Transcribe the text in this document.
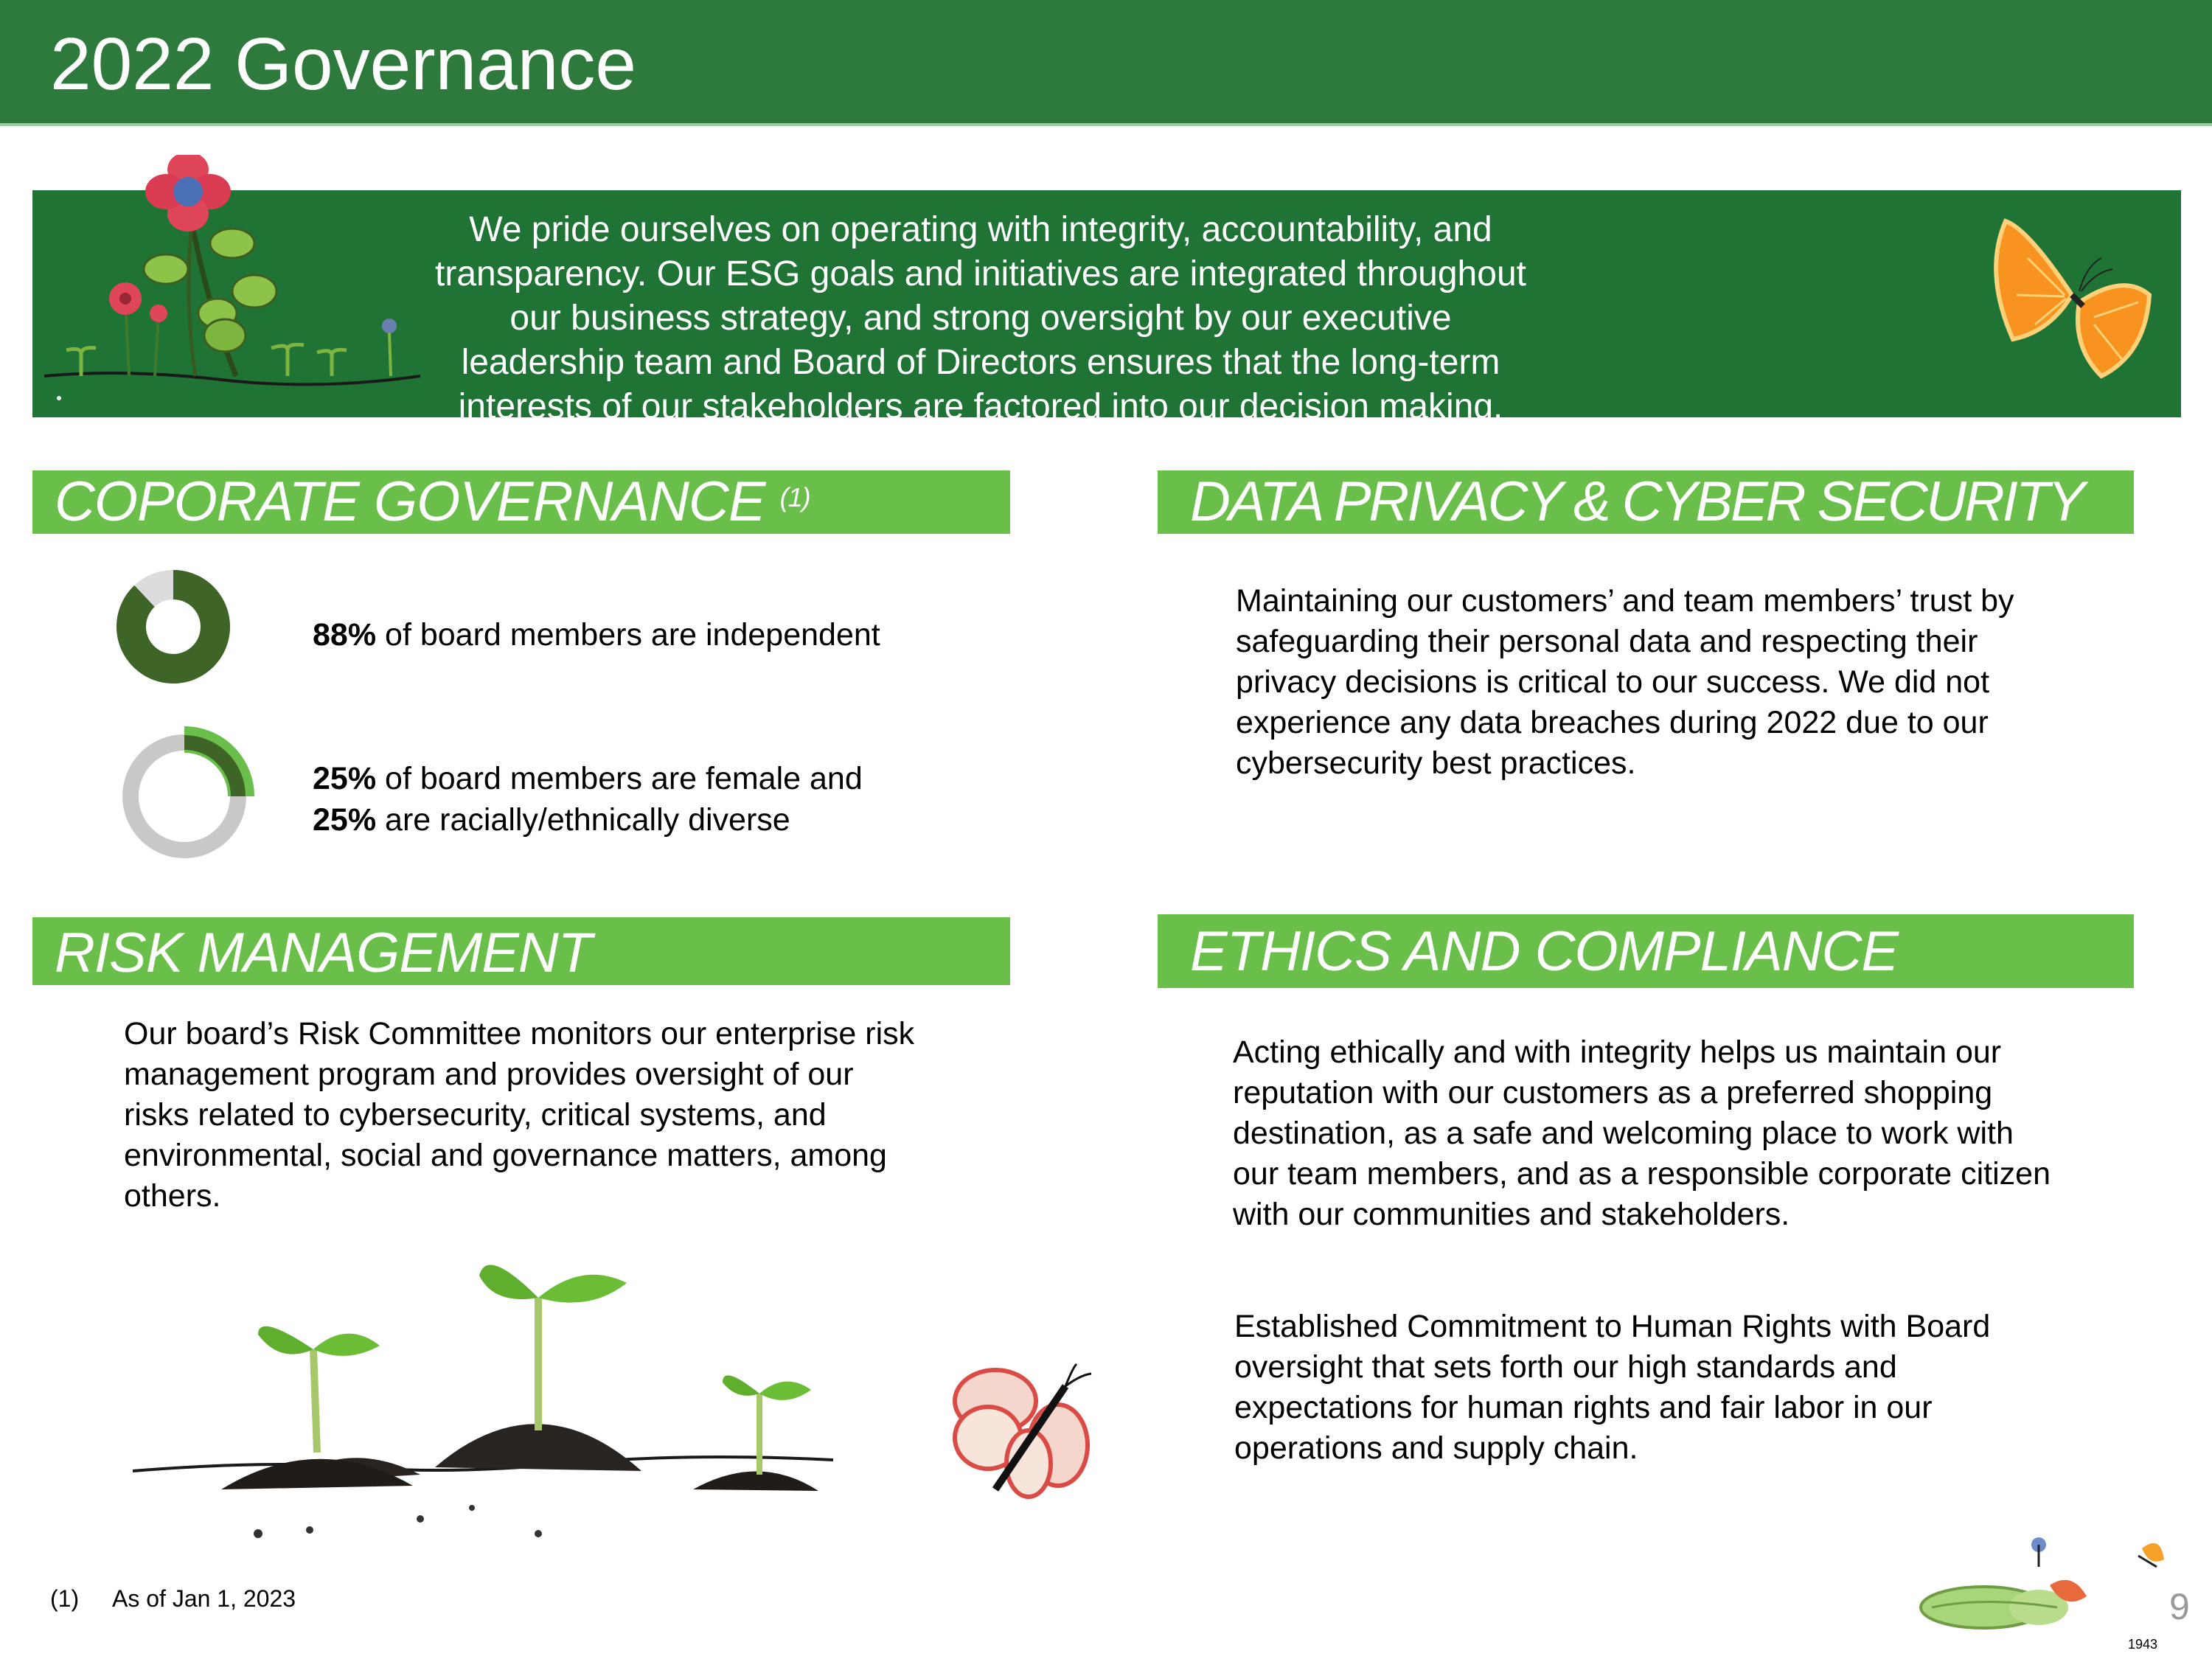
2022 Governance
We pride ourselves on operating with integrity, accountability, and transparency. Our ESG goals and initiatives are integrated throughout our business strategy, and strong oversight by our executive leadership team and Board of Directors ensures that the long-term interests of our stakeholders are factored into our decision making.
COPORATE GOVERNANCE $^{(1)}$
88% of board members are independent
25% of board members are female and
25% are racially/ethnically diverse
DATA PRIVACY & CYBER SECURITY
Maintaining our customers’ and team members’ trust by safeguarding their personal data and respecting their privacy decisions is critical to our success. We did not experience any data breaches during 2022 due to our cybersecurity best practices.
RISK MANAGEMENT
Our board’s Risk Committee monitors our enterprise risk management program and provides oversight of our risks related to cybersecurity, critical systems, and environmental, social and governance matters, among others.
ETHICS AND COMPLIANCE
Acting ethically and with integrity helps us maintain our reputation with our customers as a preferred shopping destination, as a safe and welcoming place to work with our team members, and as a responsible corporate citizen with our communities and stakeholders.
Established Commitment to Human Rights with Board oversight that sets forth our high standards and expectations for human rights and fair labor in our operations and supply chain.
(1) As of Jan 1, 2023	9
1943
